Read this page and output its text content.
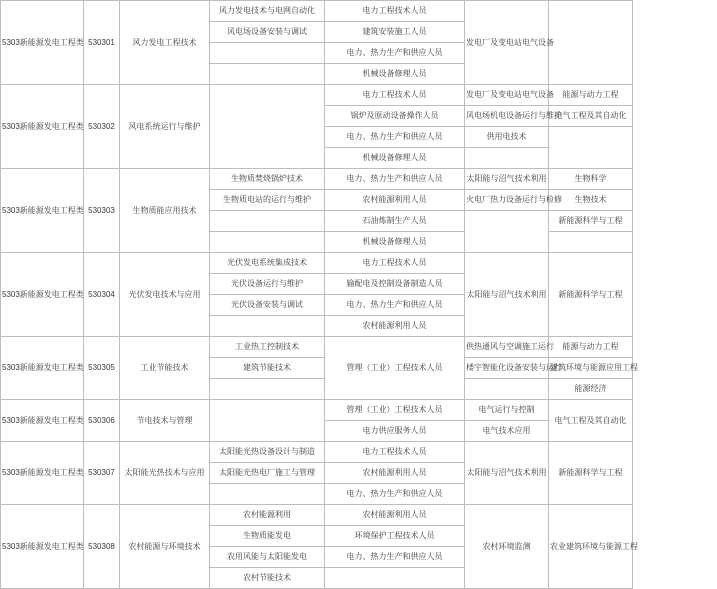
5303新能源发电工程类	530301	风力发电工程技术	风力发电技术与电网自动化	电力工程技术人员	发电厂及变电站电气设备	
			风电场设备安装与调试	建筑安装施工人员		
				电力、热力生产和供应人员		
				机械设备修理人员		
5303新能源发电工程类	530302	风电系统运行与维护		电力工程技术人员	发电厂及变电站电气设备	能源与动力工程
				锅炉及原动设备操作人员	风电场机电设备运行与维护	电气工程及其自动化
				电力、热力生产和供应人员	供用电技术	
				机械设备修理人员		
5303新能源发电工程类	530303	生物质能应用技术	生物质焚烧锅炉技术	电力、热力生产和供应人员	太阳能与沼气技术利用	生物科学
			生物质电站的运行与维护	农村能源利用人员	火电厂热力设备运行与检修	生物技术
				石油炼制生产人员		新能源科学与工程
				机械设备修理人员		
5303新能源发电工程类	530304	光伏发电技术与应用	光伏发电系统集成技术	电力工程技术人员	太阳能与沼气技术利用	新能源科学与工程
			光伏设备运行与维护	输配电及控制设备制造人员		
			光伏设备安装与调试	电力、热力生产和供应人员		
				农村能源利用人员		
5303新能源发电工程类	530305	工业节能技术	工业热工控制技术	管理（工业）工程技术人员	供热通风与空调施工运行	能源与动力工程
			建筑节能技术		楼宇智能化设备安装与运行	建筑环境与能源应用工程
						能源经济
5303新能源发电工程类	530306	节电技术与管理		管理（工业）工程技术人员	电气运行与控制	电气工程及其自动化
				电力供应服务人员	电气技术应用	
5303新能源发电工程类	530307	太阳能光热技术与应用	太阳能光热设备设计与制造	电力工程技术人员	太阳能与沼气技术利用	新能源科学与工程
			太阳能光热电厂施工与管理	农村能源利用人员		
				电力、热力生产和供应人员		
5303新能源发电工程类	530308	农村能源与环境技术	农村能源利用	农村能源利用人员	农村环境监测	农业建筑环境与能源工程
			生物质能发电	环境保护工程技术人员		
			农用风能与太阳能发电	电力、热力生产和供应人员		
			农村节能技术			
